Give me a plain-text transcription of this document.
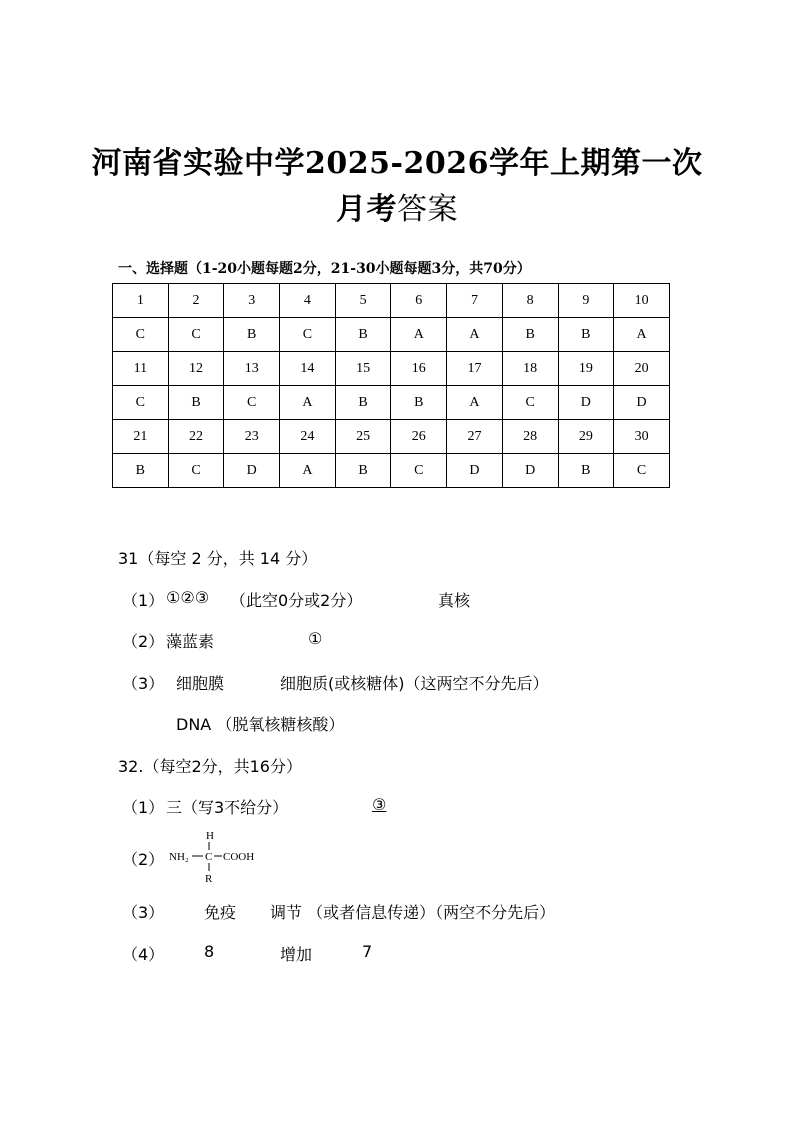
河南省实验中学2025-2026学年上期第一次
月考答案
一、选择题（1-20小题每题2分，21-30小题每题3分，共70分）
1	2	3	4	5	6	7	8	9	10
C	C	B	C	B	A	A	B	B	A
11	12	13	14	15	16	17	18	19	20
C	B	C	A	B	B	A	C	D	D
21	22	23	24	25	26	27	28	29	30
B	C	D	A	B	C	D	D	B	C
31（每空 2 分，共 14 分）
（1） ①②③ （此空0分或2分）	真核
（2） 藻蓝素	①
（3） 细胞膜	细胞质(或核糖体)（这两空不分先后）
DNA （脱氧核糖核酸）
32.（每空2分，共16分）
（1） 三（写3不给分）	③
（2）
H
NH₂ C COOH
R
（3） 免疫 调节 （或者信息传递）（两空不分先后）
（4） 8	增加	7
